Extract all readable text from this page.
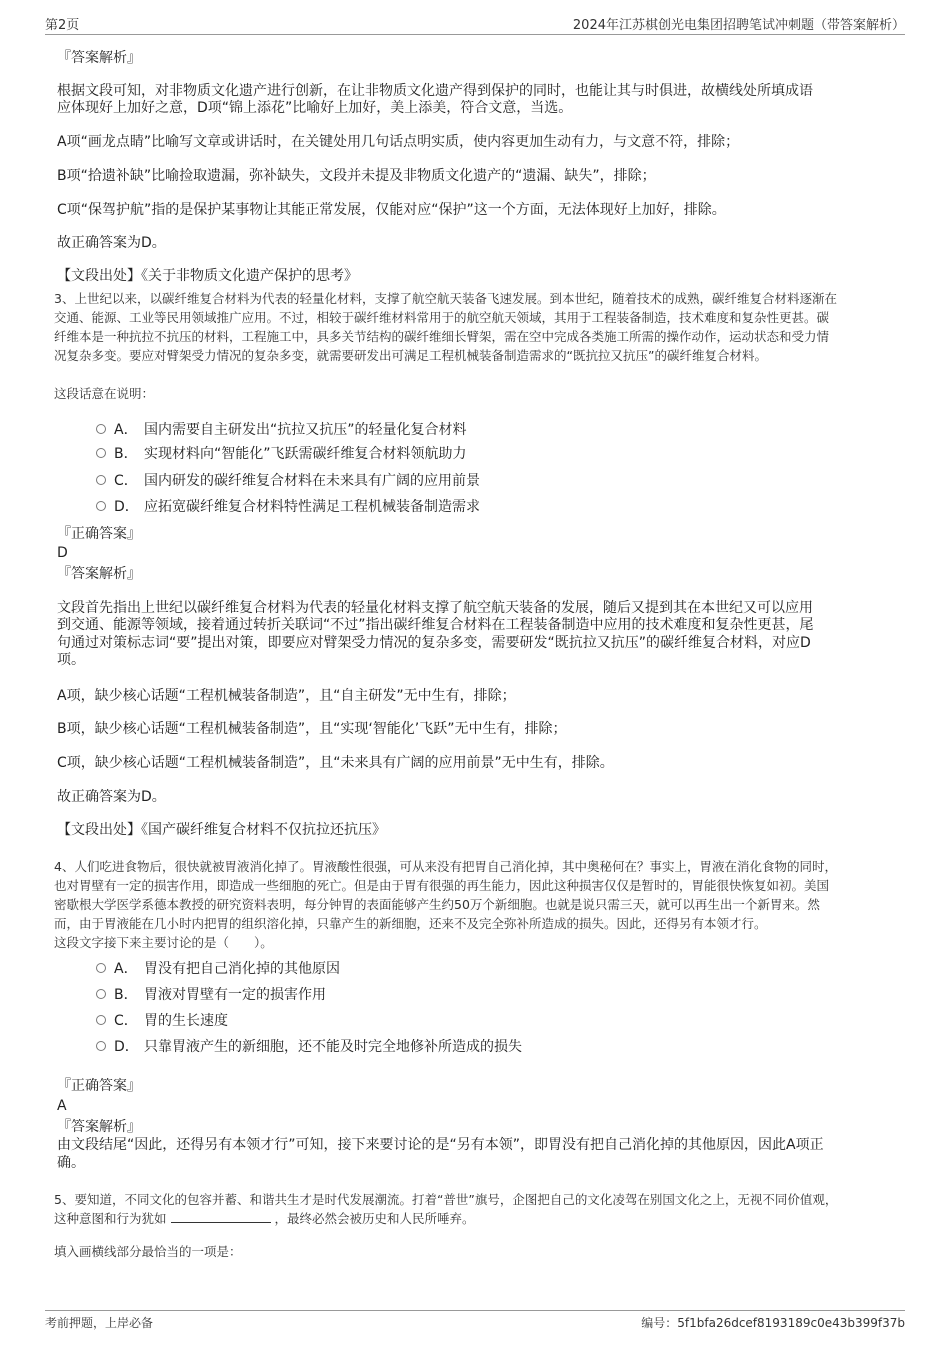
第2页	2024年江苏棋创光电集团招聘笔试冲刺题（带答案解析）
『答案解析』
根据文段可知，对非物质文化遗产进行创新，在让非物质文化遗产得到保护的同时，也能让其与时俱进，故横线处所填成语
应体现好上加好之意，D项“锦上添花”比喻好上加好，美上添美，符合文意，当选。
A项“画龙点睛”比喻写文章或讲话时，在关键处用几句话点明实质，使内容更加生动有力，与文意不符，排除；
B项“拾遗补缺”比喻捡取遗漏，弥补缺失，文段并未提及非物质文化遗产的“遗漏、缺失”，排除；
C项“保驾护航”指的是保护某事物让其能正常发展，仅能对应“保护”这一个方面，无法体现好上加好，排除。
故正确答案为D。
【文段出处】《关于非物质文化遗产保护的思考》
3、上世纪以来，以碳纤维复合材料为代表的轻量化材料，支撑了航空航天装备飞速发展。到本世纪，随着技术的成熟，碳纤维复合材料逐渐在
交通、能源、工业等民用领域推广应用。不过，相较于碳纤维材料常用于的航空航天领域，其用于工程装备制造，技术难度和复杂性更甚。碳
纤维本是一种抗拉不抗压的材料，工程施工中，具多关节结构的碳纤维细长臂架，需在空中完成各类施工所需的操作动作，运动状态和受力情
况复杂多变。要应对臂架受力情况的复杂多变，就需要研发出可满足工程机械装备制造需求的“既抗拉又抗压”的碳纤维复合材料。
这段话意在说明：
A． 国内需要自主研发出“抗拉又抗压”的轻量化复合材料
B． 实现材料向“智能化”飞跃需碳纤维复合材料领航助力
C． 国内研发的碳纤维复合材料在未来具有广阔的应用前景
D． 应拓宽碳纤维复合材料特性满足工程机械装备制造需求
『正确答案』
D
『答案解析』
文段首先指出上世纪以碳纤维复合材料为代表的轻量化材料支撑了航空航天装备的发展，随后又提到其在本世纪又可以应用
到交通、能源等领域，接着通过转折关联词“不过”指出碳纤维复合材料在工程装备制造中应用的技术难度和复杂性更甚，尾
句通过对策标志词“要”提出对策，即要应对臂架受力情况的复杂多变，需要研发“既抗拉又抗压”的碳纤维复合材料，对应D
项。
A项，缺少核心话题“工程机械装备制造”，且“自主研发”无中生有，排除；
B项，缺少核心话题“工程机械装备制造”，且“实现‘智能化’飞跃”无中生有，排除；
C项，缺少核心话题“工程机械装备制造”，且“未来具有广阔的应用前景”无中生有，排除。
故正确答案为D。
【文段出处】《国产碳纤维复合材料不仅抗拉还抗压》
4、人们吃进食物后，很快就被胃液消化掉了。胃液酸性很强，可从来没有把胃自己消化掉，其中奥秘何在？事实上，胃液在消化食物的同时，
也对胃壁有一定的损害作用，即造成一些细胞的死亡。但是由于胃有很强的再生能力，因此这种损害仅仅是暂时的，胃能很快恢复如初。美国
密歇根大学医学系德本教授的研究资料表明，每分钟胃的表面能够产生约50万个新细胞。也就是说只需三天，就可以再生出一个新胃来。然
而，由于胃液能在几小时内把胃的组织溶化掉，只靠产生的新细胞，还来不及完全弥补所造成的损失。因此，还得另有本领才行。
这段文字接下来主要讨论的是（　　）。
A． 胃没有把自己消化掉的其他原因
B． 胃液对胃壁有一定的损害作用
C． 胃的生长速度
D． 只靠胃液产生的新细胞，还不能及时完全地修补所造成的损失
『正确答案』
A
『答案解析』
由文段结尾“因此，还得另有本领才行”可知，接下来要讨论的是“另有本领”，即胃没有把自己消化掉的其他原因，因此A项正
确。
5、要知道，不同文化的包容并蓄、和谐共生才是时代发展潮流。打着“普世”旗号，企图把自己的文化凌驾在别国文化之上，无视不同价值观，
这种意图和行为犹如	，最终必然会被历史和人民所唾弃。
填入画横线部分最恰当的一项是：
考前押题，上岸必备	编号：5f1bfa26dcef8193189c0e43b399f37b
